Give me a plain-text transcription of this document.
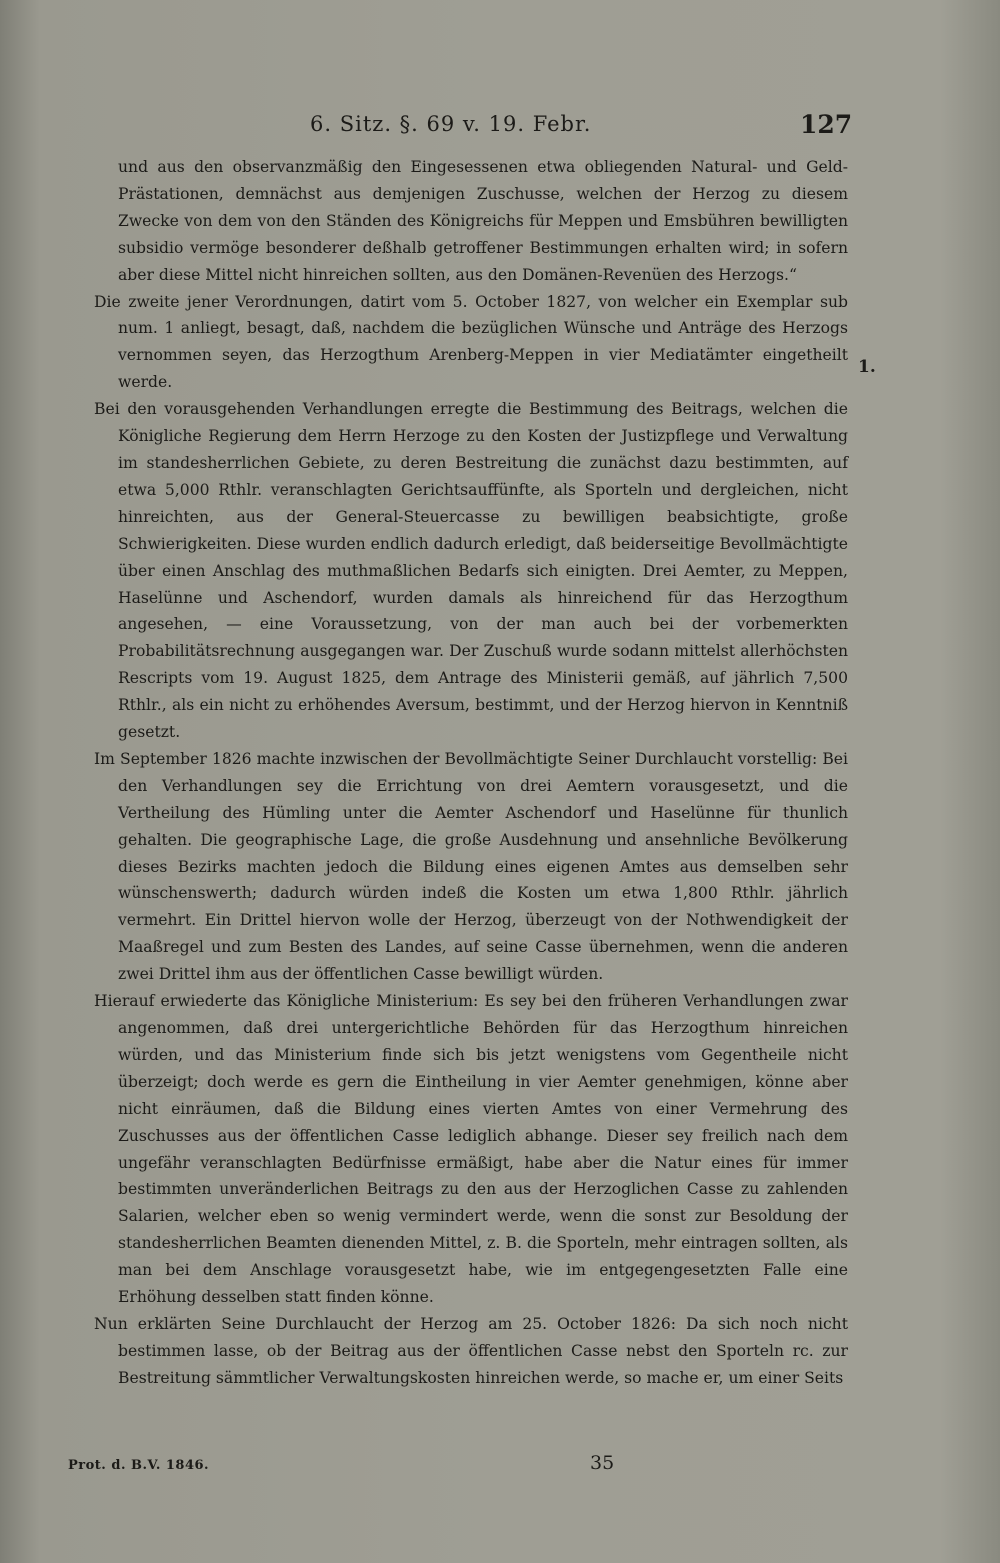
6. Sitz. §. 69 v. 19. Febr.	127
1.

und aus den observanzmäßig den Eingesessenen etwa obliegenden Natural- und Geld-Prästationen, demnächst aus demjenigen Zuschusse, welchen der Herzog zu diesem Zwecke von dem von den Ständen des Königreichs für Meppen und Emsbühren bewilligten subsidio vermöge besonderer deßhalb getroffener Bestimmungen erhalten wird; in sofern aber diese Mittel nicht hinreichen sollten, aus den Domänen-Revenüen des Herzogs.“

Die zweite jener Verordnungen, datirt vom 5. October 1827, von welcher ein Exemplar sub num. 1 anliegt, besagt, daß, nachdem die bezüglichen Wünsche und Anträge des Herzogs vernommen seyen, das Herzogthum Arenberg-Meppen in vier Mediatämter eingetheilt werde.

Bei den vorausgehenden Verhandlungen erregte die Bestimmung des Beitrags, welchen die Königliche Regierung dem Herrn Herzoge zu den Kosten der Justizpflege und Verwaltung im standesherrlichen Gebiete, zu deren Bestreitung die zunächst dazu bestimmten, auf etwa 5,000 Rthlr. veranschlagten Gerichtsauffünfte, als Sporteln und dergleichen, nicht hinreichten, aus der General-Steuercasse zu bewilligen beabsichtigte, große Schwierigkeiten. Diese wurden endlich dadurch erledigt, daß beiderseitige Bevollmächtigte über einen Anschlag des muthmaßlichen Bedarfs sich einigten. Drei Aemter, zu Meppen, Haselünne und Aschendorf, wurden damals als hinreichend für das Herzogthum angesehen, — eine Voraussetzung, von der man auch bei der vorbemerkten Probabilitätsrechnung ausgegangen war. Der Zuschuß wurde sodann mittelst allerhöchsten Rescripts vom 19. August 1825, dem Antrage des Ministerii gemäß, auf jährlich 7,500 Rthlr., als ein nicht zu erhöhendes Aversum, bestimmt, und der Herzog hiervon in Kenntniß gesetzt.

Im September 1826 machte inzwischen der Bevollmächtigte Seiner Durchlaucht vorstellig: Bei den Verhandlungen sey die Errichtung von drei Aemtern vorausgesetzt, und die Vertheilung des Hümling unter die Aemter Aschendorf und Haselünne für thunlich gehalten. Die geographische Lage, die große Ausdehnung und ansehnliche Bevölkerung dieses Bezirks machten jedoch die Bildung eines eigenen Amtes aus demselben sehr wünschenswerth; dadurch würden indeß die Kosten um etwa 1,800 Rthlr. jährlich vermehrt. Ein Drittel hiervon wolle der Herzog, überzeugt von der Nothwendigkeit der Maaßregel und zum Besten des Landes, auf seine Casse übernehmen, wenn die anderen zwei Drittel ihm aus der öffentlichen Casse bewilligt würden.

Hierauf erwiederte das Königliche Ministerium: Es sey bei den früheren Verhandlungen zwar angenommen, daß drei untergerichtliche Behörden für das Herzogthum hinreichen würden, und das Ministerium finde sich bis jetzt wenigstens vom Gegentheile nicht überzeigt; doch werde es gern die Eintheilung in vier Aemter genehmigen, könne aber nicht einräumen, daß die Bildung eines vierten Amtes von einer Vermehrung des Zuschusses aus der öffentlichen Casse lediglich abhange. Dieser sey freilich nach dem ungefähr veranschlagten Bedürfnisse ermäßigt, habe aber die Natur eines für immer bestimmten unveränderlichen Beitrags zu den aus der Herzoglichen Casse zu zahlenden Salarien, welcher eben so wenig vermindert werde, wenn die sonst zur Besoldung der standesherrlichen Beamten dienenden Mittel, z. B. die Sporteln, mehr eintragen sollten, als man bei dem Anschlage vorausgesetzt habe, wie im entgegengesetzten Falle eine Erhöhung desselben statt finden könne.

Nun erklärten Seine Durchlaucht der Herzog am 25. October 1826: Da sich noch nicht bestimmen lasse, ob der Beitrag aus der öffentlichen Casse nebst den Sporteln rc. zur Bestreitung sämmtlicher Verwaltungskosten hinreichen werde, so mache er, um einer Seits

Prot. d. B.V. 1846.	35
